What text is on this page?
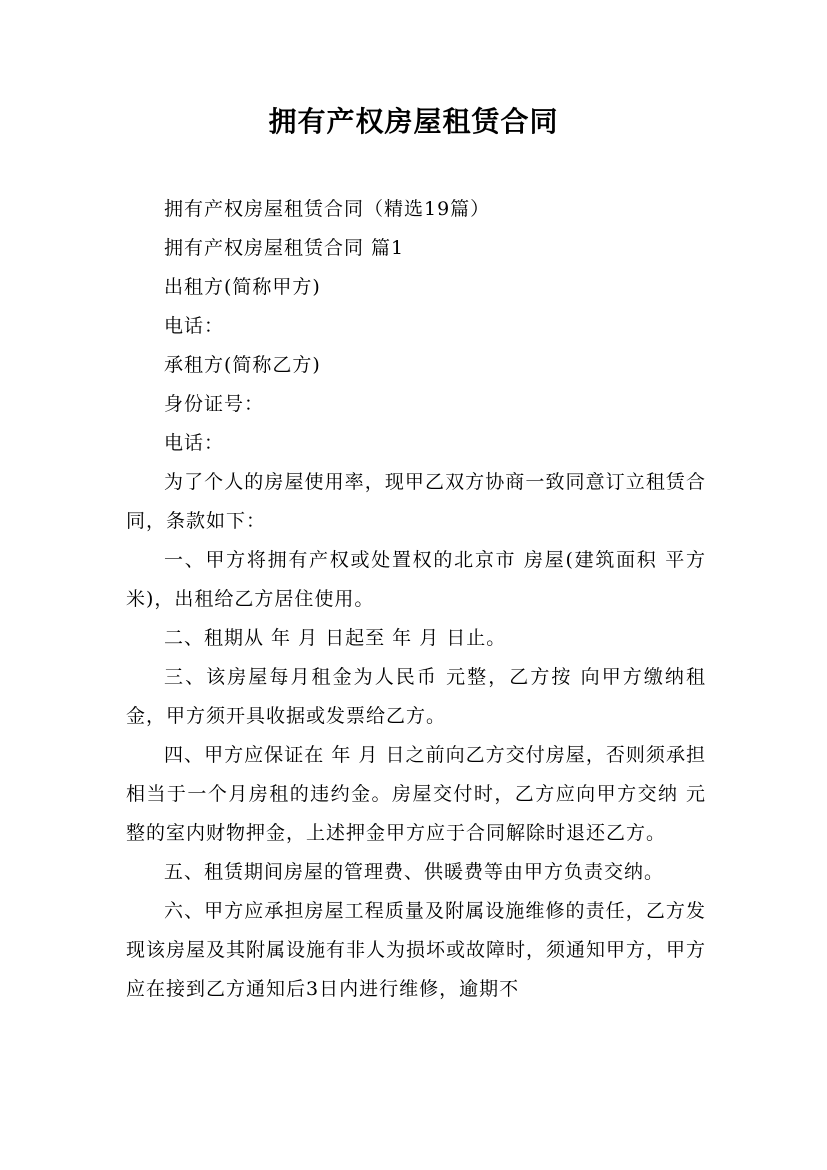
拥有产权房屋租赁合同

拥有产权房屋租赁合同（精选19篇）

拥有产权房屋租赁合同 篇1

出租方(简称甲方)

电话：

承租方(简称乙方)

身份证号：

电话：

为了个人的房屋使用率，现甲乙双方协商一致同意订立租赁合同，条款如下：

一、甲方将拥有产权或处置权的北京市 房屋(建筑面积 平方米)，出租给乙方居住使用。

二、租期从 年 月 日起至 年 月 日止。

三、该房屋每月租金为人民币 元整，乙方按 向甲方缴纳租金，甲方须开具收据或发票给乙方。

四、甲方应保证在 年 月 日之前向乙方交付房屋，否则须承担相当于一个月房租的违约金。房屋交付时，乙方应向甲方交纳 元整的室内财物押金，上述押金甲方应于合同解除时退还乙方。

五、租赁期间房屋的管理费、供暖费等由甲方负责交纳。

六、甲方应承担房屋工程质量及附属设施维修的责任，乙方发现该房屋及其附属设施有非人为损坏或故障时，须通知甲方，甲方应在接到乙方通知后3日内进行维修，逾期不
